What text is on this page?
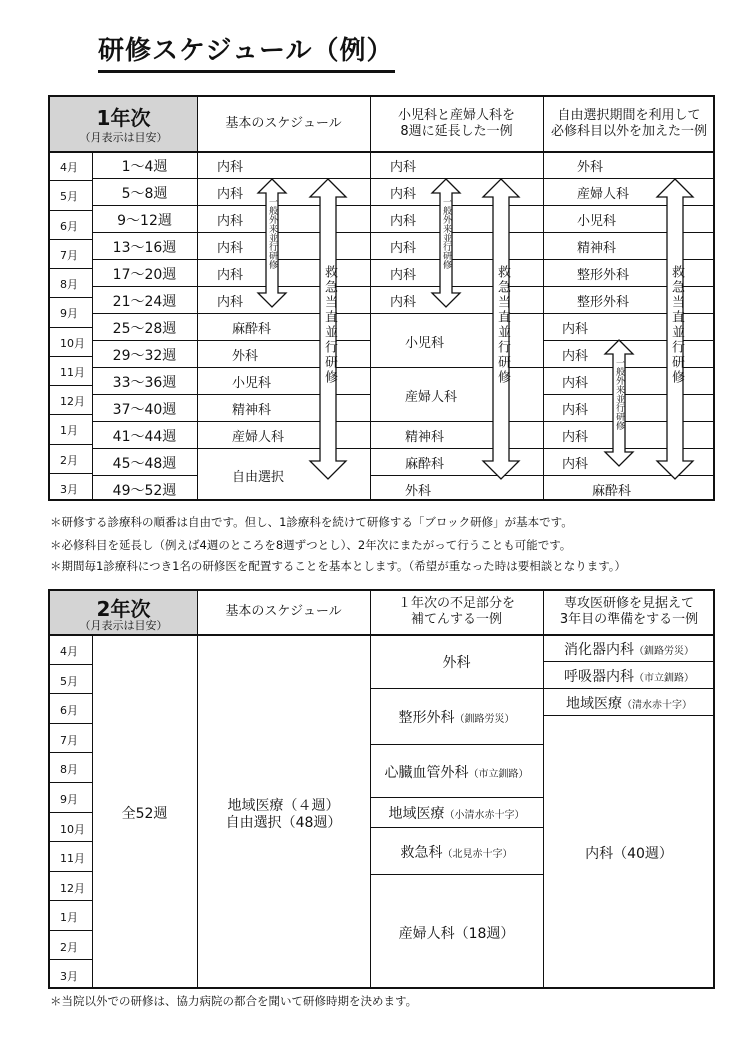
研修スケジュール（例）
1年次
（月表示は目安）
基本のスケジュール
小児科と産婦人科を
8週に延長した一例
自由選択期間を利用して
必修科目以外を加えた一例
4月
5月
6月
7月
8月
9月
10月
11月
12月
1月
2月
3月
1〜4週
5〜8週
9〜12週
13〜16週
17〜20週
21〜24週
25〜28週
29〜32週
33〜36週
37〜40週
41〜44週
45〜48週
49〜52週
内科
内科
内科
内科
内科
内科
麻酔科
外科
小児科
精神科
産婦人科
自由選択
内科
内科
内科
内科
内科
内科
小児科
産婦人科
精神科
麻酔科
外科
外科
産婦人科
小児科
精神科
整形外科
整形外科
内科
内科
内科
内科
内科
内科
麻酔科
一般外来並行研修
救急当直並行研修
一般外来並行研修
救急当直並行研修
一般外来並行研修
救急当直並行研修
＊研修する診療科の順番は自由です。但し、1診療科を続けて研修する「ブロック研修」が基本です。
＊必修科目を延長し（例えば4週のところを8週ずつとし）、2年次にまたがって行うことも可能です。
＊期間毎1診療科につき1名の研修医を配置することを基本とします。（希望が重なった時は要相談となります。）
2年次
（月表示は目安）
基本のスケジュール
１年次の不足部分を
補てんする一例
専攻医研修を見据えて
3年目の準備をする一例
4月
5月
6月
7月
8月
9月
10月
11月
12月
1月
2月
3月
外科
整形外科（釧路労災）
心臓血管外科（市立釧路）
地域医療（小清水赤十字）
救急科（北見赤十字）
産婦人科（18週）
消化器内科（釧路労災）
呼吸器内科（市立釧路）
地域医療（清水赤十字）
内科（40週）
全52週	地域医療（４週）
自由選択（48週）
＊当院以外での研修は、協力病院の都合を聞いて研修時期を決めます。
